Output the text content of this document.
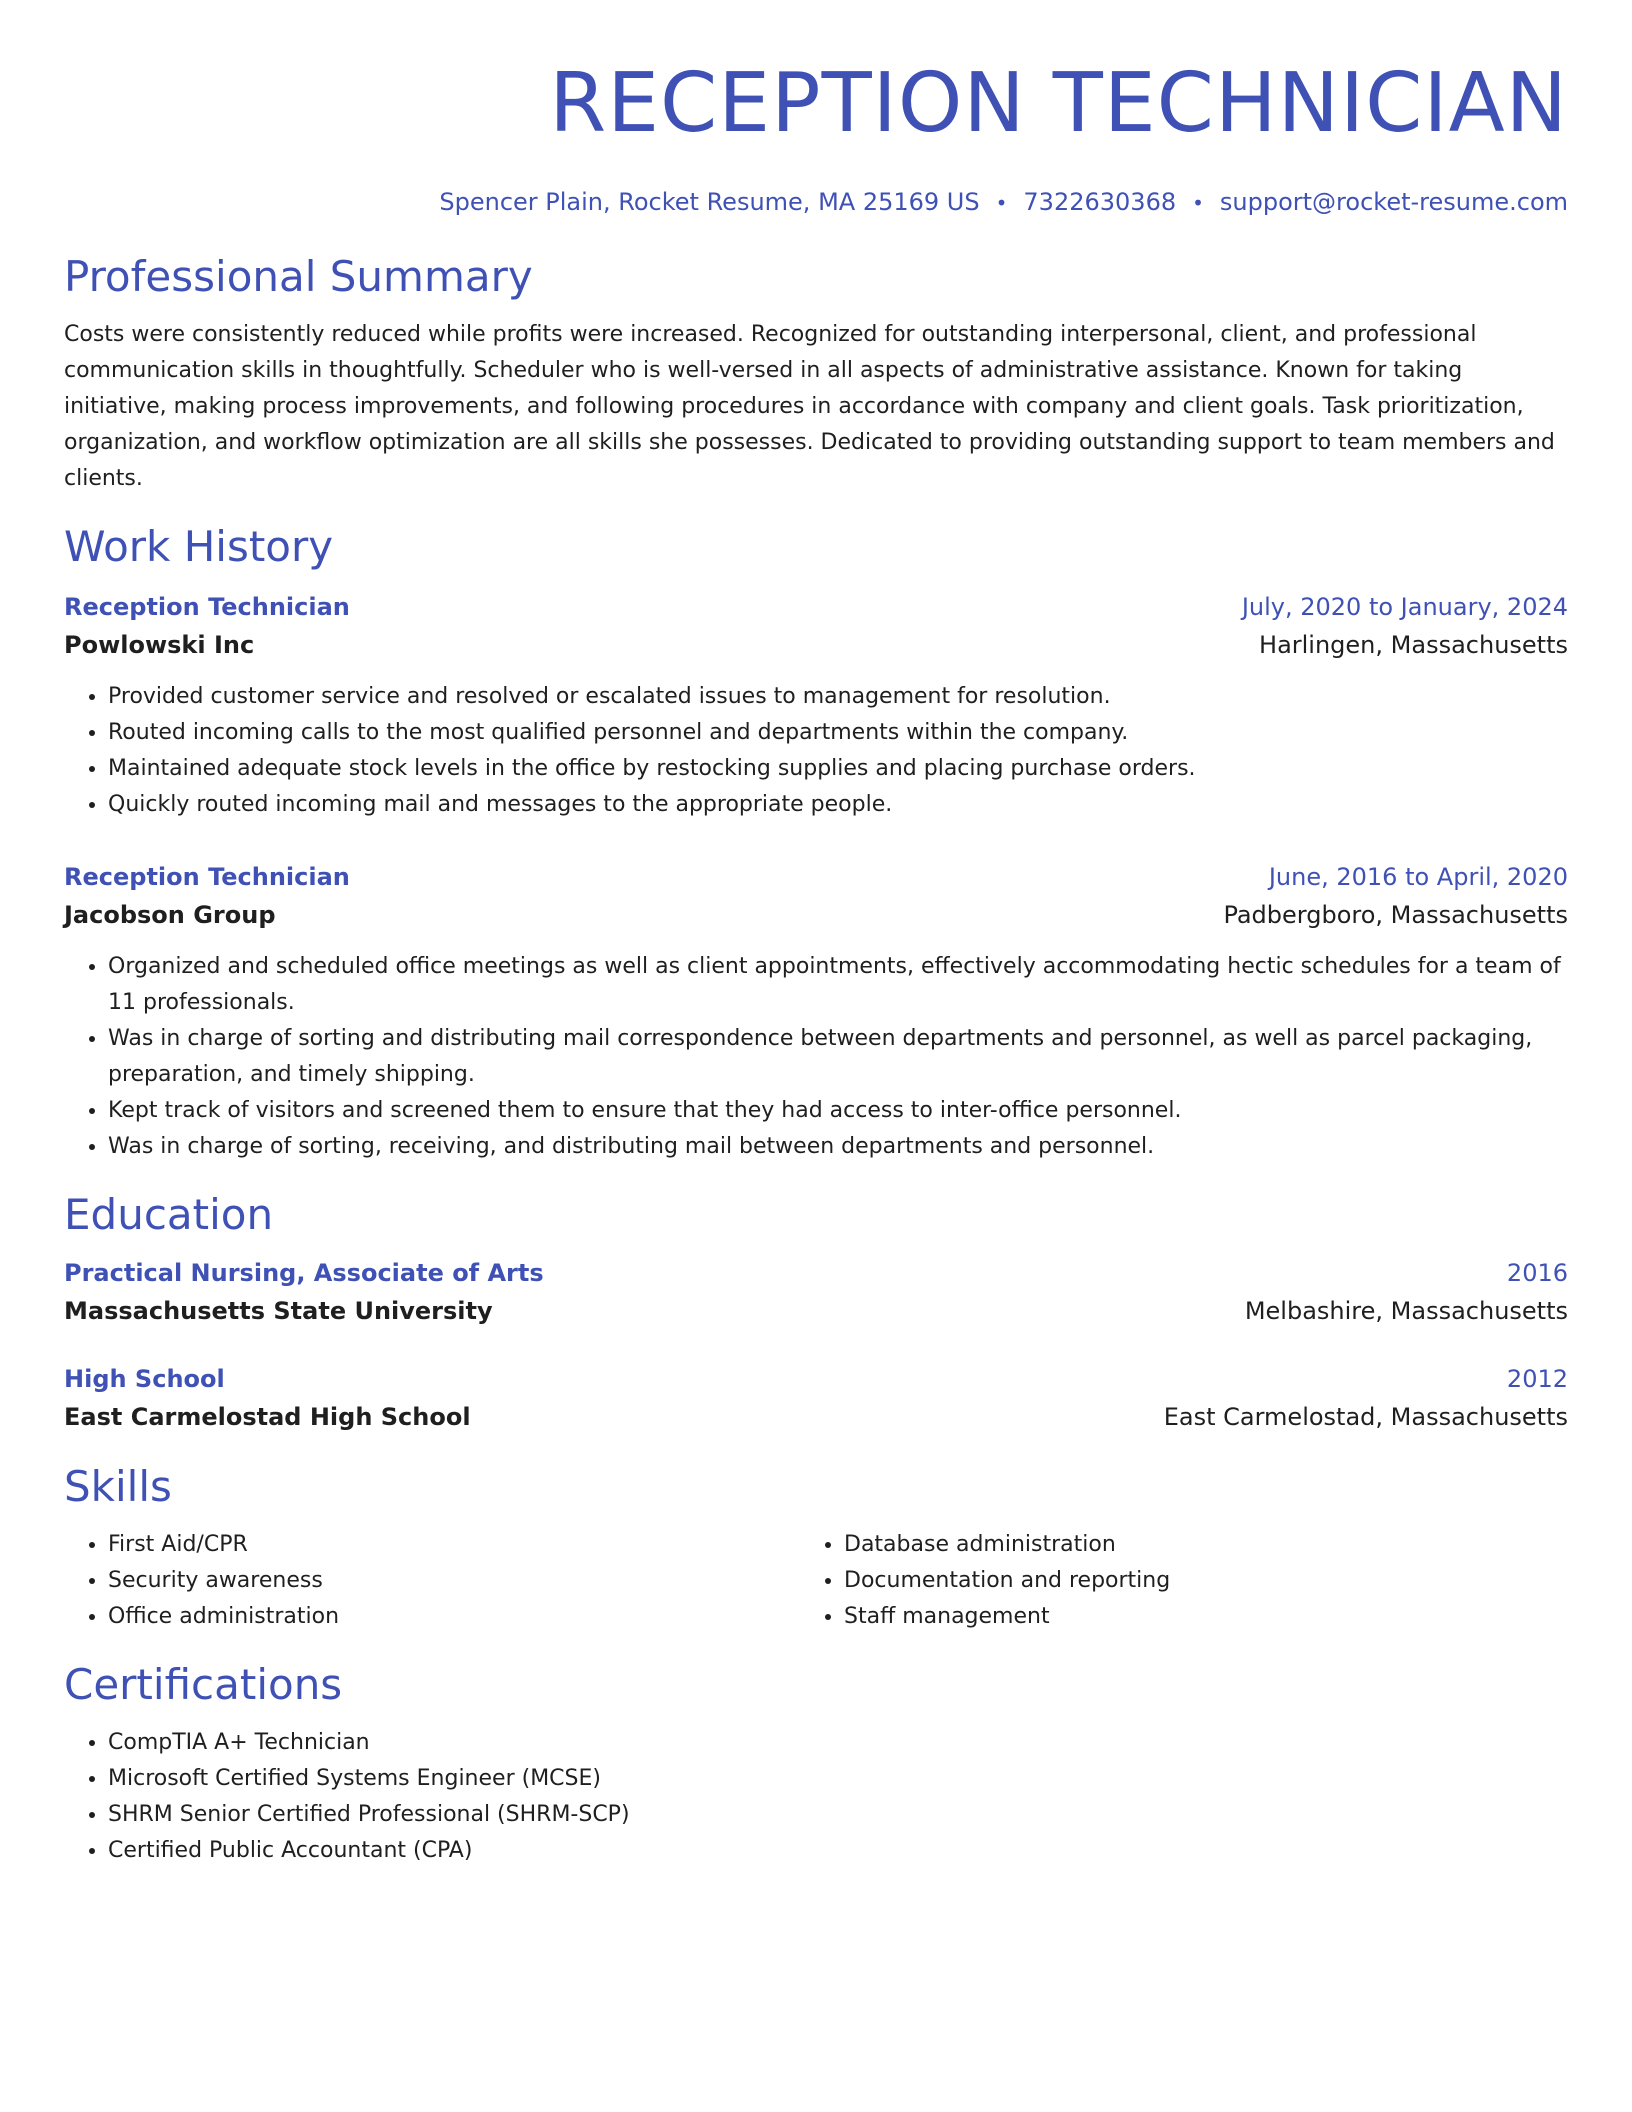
RECEPTION TECHNICIAN
Spencer Plain, Rocket Resume, MA 25169 US • 7322630368 • support@rocket-resume.com
Professional Summary

Costs were consistently reduced while profits were increased. Recognized for outstanding interpersonal, client, and professional communication skills in thoughtfully. Scheduler who is well-versed in all aspects of administrative assistance. Known for taking initiative, making process improvements, and following procedures in accordance with company and client goals. Task prioritization, organization, and workflow optimization are all skills she possesses. Dedicated to providing outstanding support to team members and clients.

Work History
Reception Technician	July, 2020 to January, 2024
Powlowski Inc	Harlingen, Massachusetts
• Provided customer service and resolved or escalated issues to management for resolution.
• Routed incoming calls to the most qualified personnel and departments within the company.
• Maintained adequate stock levels in the office by restocking supplies and placing purchase orders.
• Quickly routed incoming mail and messages to the appropriate people.
Reception Technician	June, 2016 to April, 2020
Jacobson Group	Padbergboro, Massachusetts
• Organized and scheduled office meetings as well as client appointments, effectively accommodating hectic schedules for a team of 11 professionals.
• Was in charge of sorting and distributing mail correspondence between departments and personnel, as well as parcel packaging, preparation, and timely shipping.
• Kept track of visitors and screened them to ensure that they had access to inter-office personnel.
• Was in charge of sorting, receiving, and distributing mail between departments and personnel.
Education
Practical Nursing, Associate of Arts	2016
Massachusetts State University	Melbashire, Massachusetts
High School	2012
East Carmelostad High School	East Carmelostad, Massachusetts
Skills
• First Aid/CPR
• Security awareness
• Office administration
• Database administration
• Documentation and reporting
• Staff management
Certifications
• CompTIA A+ Technician
• Microsoft Certified Systems Engineer (MCSE)
• SHRM Senior Certified Professional (SHRM-SCP)
• Certified Public Accountant (CPA)
